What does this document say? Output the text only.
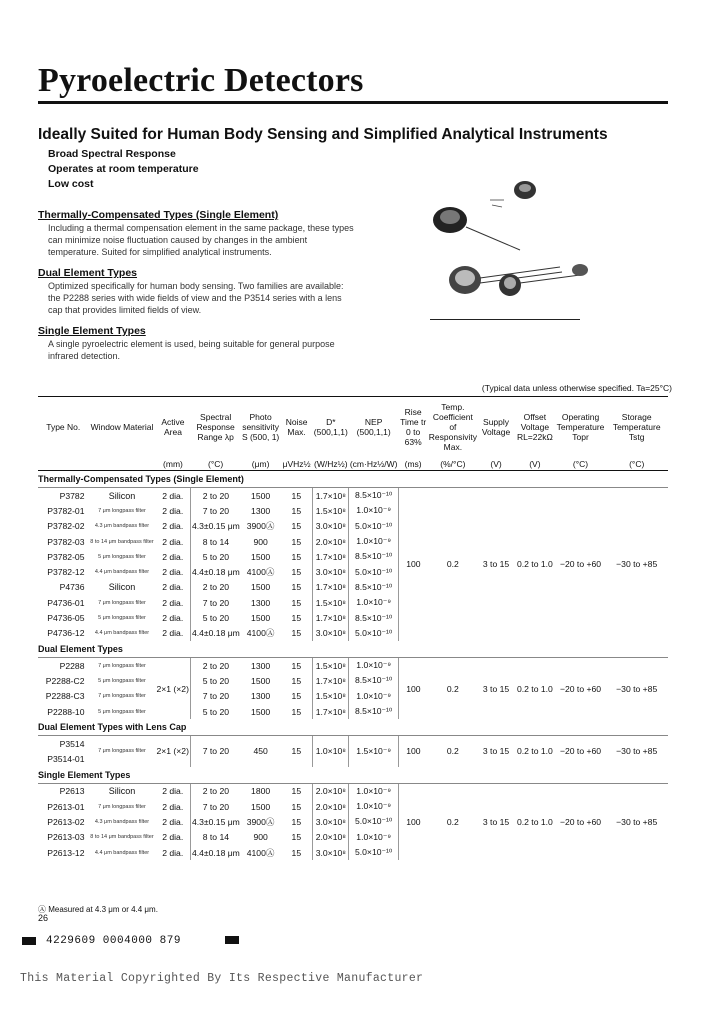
Pyroelectric Detectors
Ideally Suited for Human Body Sensing and Simplified Analytical Instruments
Broad Spectral Response
Operates at room temperature
Low cost
Thermally-Compensated Types (Single Element)
Including a thermal compensation element in the same package, these types can minimize noise fluctuation caused by changes in the ambient temperature. Suited for simplified analytical instruments.
Dual Element Types
Optimized specifically for human body sensing. Two families are available: the P2288 series with wide fields of view and the P3514 series with a lens cap that provides limited fields of view.
Single Element Types
A single pyroelectric element is used, being suitable for general purpose infrared detection.
(Typical data unless otherwise specified. Ta=25°C)
Type No.	Window Material	Active Area	Spectral Response Range λp	Photo sensitivity S (500, 1)	Noise Max.	D* (500,1,1)	NEP (500,1,1)	Rise Time tr 0 to 63%	Temp. Coefficient of Responsivity Max.	Supply Voltage	Offset Voltage RL=22kΩ	Operating Temperature Topr	Storage Temperature Tstg
		(mm)	(°C)	(μm)	μVHz½	(W/Hz½)	(cm·Hz½/W)	(ms)	(%/°C)	(V)	(V)	(°C)	(°C)
Thermally-Compensated Types (Single Element)													
P3782	Silicon	2 dia.	2 to 20	1500	15	1.7×10⁸	8.5×10⁻¹⁰	100	0.2	3 to 15	0.2 to 1.0	−20 to +60	−30 to +85
P3782-01	7 μm longpass filter	2 dia.	7 to 20	1300	15	1.5×10⁸	1.0×10⁻⁹						
P3782-02	4.3 μm bandpass filter	2 dia.	4.3±0.15 μm	3900Ⓐ	15	3.0×10⁸	5.0×10⁻¹⁰						
P3782-03	8 to 14 μm bandpass filter	2 dia.	8 to 14	900	15	2.0×10⁸	1.0×10⁻⁹						
P3782-05	5 μm longpass filter	2 dia.	5 to 20	1500	15	1.7×10⁸	8.5×10⁻¹⁰						
P3782-12	4.4 μm bandpass filter	2 dia.	4.4±0.18 μm	4100Ⓐ	15	3.0×10⁸	5.0×10⁻¹⁰						
P4736	Silicon	2 dia.	2 to 20	1500	15	1.7×10⁸	8.5×10⁻¹⁰						
P4736-01	7 μm longpass filter	2 dia.	7 to 20	1300	15	1.5×10⁸	1.0×10⁻⁹						
P4736-05	5 μm longpass filter	2 dia.	5 to 20	1500	15	1.7×10⁸	8.5×10⁻¹⁰						
P4736-12	4.4 μm bandpass filter	2 dia.	4.4±0.18 μm	4100Ⓐ	15	3.0×10⁸	5.0×10⁻¹⁰						
Dual Element Types													
P2288	7 μm longpass filter	2×1 (×2)	2 to 20	1300	15	1.5×10⁸	1.0×10⁻⁹	100	0.2	3 to 15	0.2 to 1.0	−20 to +60	−30 to +85
P2288-C2	5 μm longpass filter		5 to 20	1500	15	1.7×10⁸	8.5×10⁻¹⁰						
P2288-C3	7 μm longpass filter		7 to 20	1300	15	1.5×10⁸	1.0×10⁻⁹						
P2288-10	5 μm longpass filter		5 to 20	1500	15	1.7×10⁸	8.5×10⁻¹⁰						
Dual Element Types with Lens Cap													
P3514	7 μm longpass filter	2×1 (×2)	7 to 20	450	15	1.0×10⁸	1.5×10⁻⁹	100	0.2	3 to 15	0.2 to 1.0	−20 to +60	−30 to +85
P3514-01													
Single Element Types													
P2613	Silicon	2 dia.	2 to 20	1800	15	2.0×10⁸	1.0×10⁻⁹	100	0.2	3 to 15	0.2 to 1.0	−20 to +60	−30 to +85
P2613-01	7 μm longpass filter	2 dia.	7 to 20	1500	15	2.0×10⁸	1.0×10⁻⁹						
P2613-02	4.3 μm bandpass filter	2 dia.	4.3±0.15 μm	3900Ⓐ	15	3.0×10⁸	5.0×10⁻¹⁰						
P2613-03	8 to 14 μm bandpass filter	2 dia.	8 to 14	900	15	2.0×10⁸	1.0×10⁻⁹						
P2613-12	4.4 μm bandpass filter	2 dia.	4.4±0.18 μm	4100Ⓐ	15	3.0×10⁸	5.0×10⁻¹⁰						
Ⓐ Measured at 4.3 μm or 4.4 μm.
26
4229609 0004000 879
This Material Copyrighted By Its Respective Manufacturer
